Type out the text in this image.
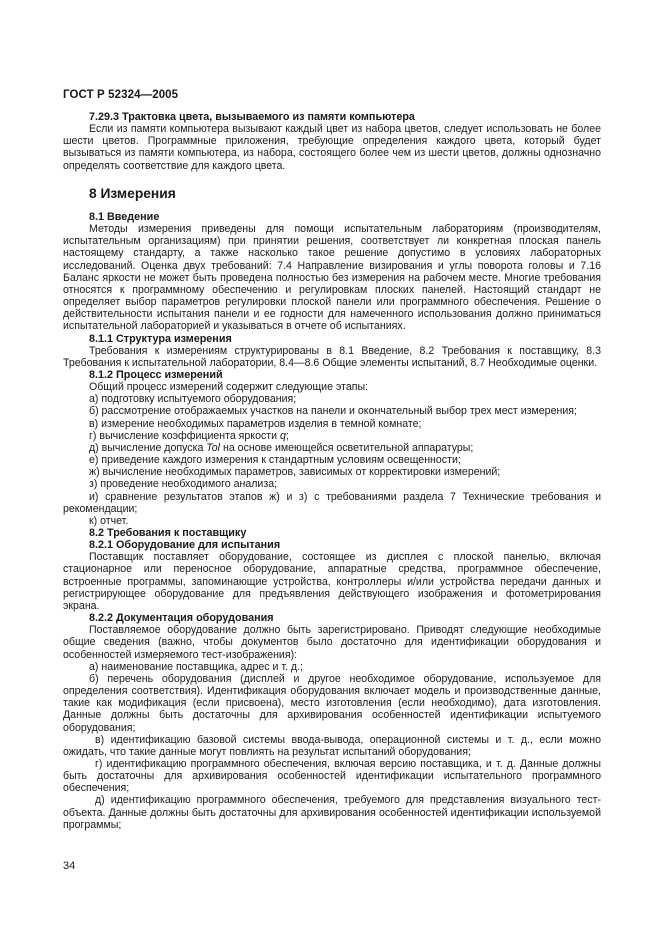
ГОСТ Р 52324—2005

7.29.3 Трактовка цвета, вызываемого из памяти компьютера

Если из памяти компьютера вызывают каждый цвет из набора цветов, следует использовать не более шести цветов. Программные приложения, требующие определения каждого цвета, который будет вызываться из памяти компьютера, из набора, состоящего более чем из шести цветов, должны однозначно определять соответствие для каждого цвета.

8 Измерения

8.1 Введение

Методы измерения приведены для помощи испытательным лабораториям (производителям, испытательным организациям) при принятии решения, соответствует ли конкретная плоская панель настоящему стандарту, а также насколько такое решение допустимо в условиях лабораторных исследований. Оценка двух требований: 7.4 Направление визирования и углы поворота головы и 7.16 Баланс яркости не может быть проведена полностью без измерения на рабочем месте. Многие требования относятся к программному обеспечению и регулировкам плоских панелей. Настоящий стандарт не определяет выбор параметров регулировки плоской панели или программного обеспечения. Решение о действительности испытания панели и ее годности для намеченного использования должно приниматься испытательной лабораторией и указываться в отчете об испытаниях.

8.1.1 Структура измерения

Требования к измерениям структурированы в 8.1 Введение, 8.2 Требования к поставщику, 8.3 Требования к испытательной лаборатории, 8.4—8.6 Общие элементы испытаний, 8.7 Необходимые оценки.

8.1.2 Процесс измерений

Общий процесс измерений содержит следующие этапы:

а) подготовку испытуемого оборудования;

б) рассмотрение отображаемых участков на панели и окончательный выбор трех мест измерения;

в) измерение необходимых параметров изделия в темной комнате;

г) вычисление коэффициента яркости q;

д) вычисление допуска Tol на основе имеющейся осветительной аппаратуры;

е) приведение каждого измерения к стандартным условиям освещенности;

ж) вычисление необходимых параметров, зависимых от корректировки измерений;

з) проведение необходимого анализа;

и) сравнение результатов этапов ж) и з) с требованиями раздела 7 Технические требования и рекомендации;

к) отчет.

8.2 Требования к поставщику

8.2.1 Оборудование для испытания

Поставщик поставляет оборудование, состоящее из дисплея с плоской панелью, включая стационарное или переносное оборудование, аппаратные средства, программное обеспечение, встроенные программы, запоминающие устройства, контроллеры и/или устройства передачи данных и регистрирующее оборудование для предъявления действующего изображения и фотометрирования экрана.

8.2.2 Документация оборудования

Поставляемое оборудование должно быть зарегистрировано. Приводят следующие необходимые общие сведения (важно, чтобы документов было достаточно для идентификации оборудования и особенностей измеряемого тест-изображения):

а) наименование поставщика, адрес и т. д.;

б) перечень оборудования (дисплей и другое необходимое оборудование, используемое для определения соответствия). Идентификация оборудования включает модель и производственные данные, такие как модификация (если присвоена), место изготовления (если необходимо), дата изготовления. Данные должны быть достаточны для архивирования особенностей идентификации испытуемого оборудования;

в) идентификацию базовой системы ввода-вывода, операционной системы и т. д., если можно ожидать, что такие данные могут повлиять на результат испытаний оборудования;

г) идентификацию программного обеспечения, включая версию поставщика, и т. д. Данные должны быть достаточны для архивирования особенностей идентификации испытательного программного обеспечения;

д) идентификацию программного обеспечения, требуемого для представления визуального тест-объекта. Данные должны быть достаточны для архивирования особенностей идентификации используемой программы;

34
